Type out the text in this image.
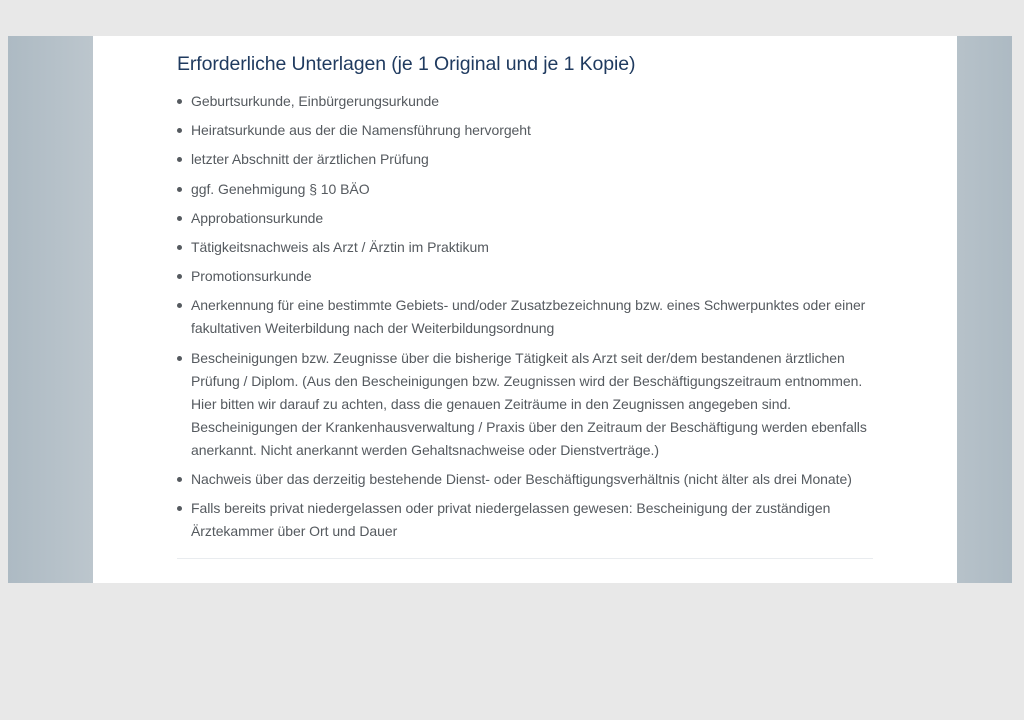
Erforderliche Unterlagen (je 1 Original und je 1 Kopie)
Geburtsurkunde, Einbürgerungsurkunde
Heiratsurkunde aus der die Namensführung hervorgeht
letzter Abschnitt der ärztlichen Prüfung
ggf. Genehmigung § 10 BÄO
Approbationsurkunde
Tätigkeitsnachweis als Arzt / Ärztin im Praktikum
Promotionsurkunde
Anerkennung für eine bestimmte Gebiets- und/oder Zusatzbezeichnung bzw. eines Schwerpunktes oder einer fakultativen Weiterbildung nach der Weiterbildungsordnung
Bescheinigungen bzw. Zeugnisse über die bisherige Tätigkeit als Arzt seit der/dem bestandenen ärztlichen Prüfung / Diplom. (Aus den Bescheinigungen bzw. Zeugnissen wird der Beschäftigungszeitraum entnommen. Hier bitten wir darauf zu achten, dass die genauen Zeiträume in den Zeugnissen angegeben sind. Bescheinigungen der Krankenhausverwaltung / Praxis über den Zeitraum der Beschäftigung werden ebenfalls anerkannt. Nicht anerkannt werden Gehaltsnachweise oder Dienstverträge.)
Nachweis über das derzeitig bestehende Dienst- oder Beschäftigungsverhältnis (nicht älter als drei Monate)
Falls bereits privat niedergelassen oder privat niedergelassen gewesen: Bescheinigung der zuständigen Ärztekammer über Ort und Dauer
